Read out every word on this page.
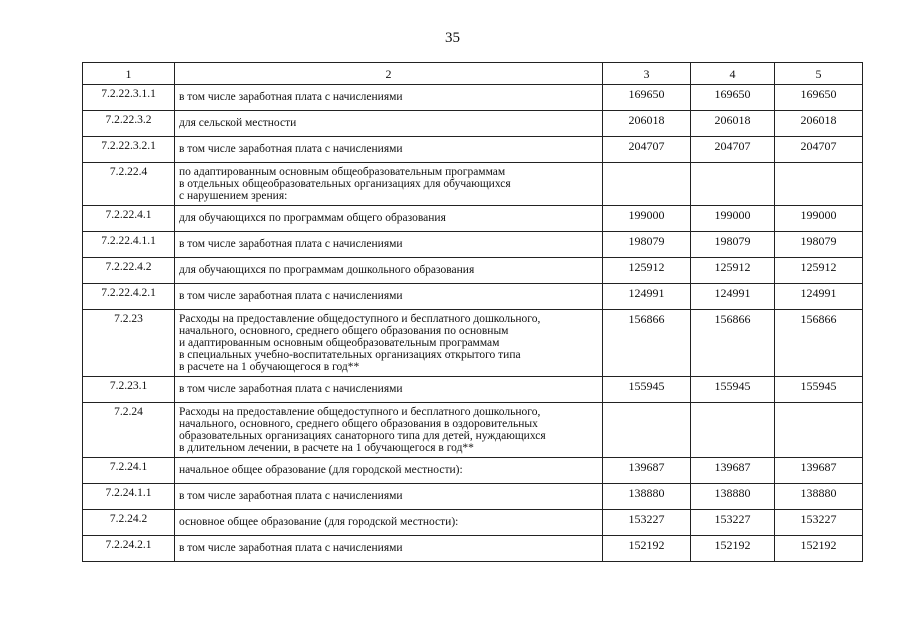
35
1	2	3	4	5
7.2.22.3.1.1	в том числе заработная плата с начислениями	169650	169650	169650
7.2.22.3.2	для сельской местности	206018	206018	206018
7.2.22.3.2.1	в том числе заработная плата с начислениями	204707	204707	204707
7.2.22.4	по адаптированным основным общеобразовательным программам
в отдельных общеобразовательных организациях для обучающихся
с нарушением зрения:			
7.2.22.4.1	для обучающихся по программам общего образования	199000	199000	199000
7.2.22.4.1.1	в том числе заработная плата с начислениями	198079	198079	198079
7.2.22.4.2	для обучающихся по программам дошкольного образования	125912	125912	125912
7.2.22.4.2.1	в том числе заработная плата с начислениями	124991	124991	124991
7.2.23	Расходы на предоставление общедоступного и бесплатного дошкольного,
начального, основного, среднего общего образования по основным
и адаптированным основным общеобразовательным программам
в специальных учебно-воспитательных организациях открытого типа
в расчете на 1 обучающегося в год**	156866	156866	156866
7.2.23.1	в том числе заработная плата с начислениями	155945	155945	155945
7.2.24	Расходы на предоставление общедоступного и бесплатного дошкольного,
начального, основного, среднего общего образования в оздоровительных
образовательных организациях санаторного типа для детей, нуждающихся
в длительном лечении, в расчете на 1 обучающегося в год**			
7.2.24.1	начальное общее образование (для городской местности):	139687	139687	139687
7.2.24.1.1	в том числе заработная плата с начислениями	138880	138880	138880
7.2.24.2	основное общее образование (для городской местности):	153227	153227	153227
7.2.24.2.1	в том числе заработная плата с начислениями	152192	152192	152192
